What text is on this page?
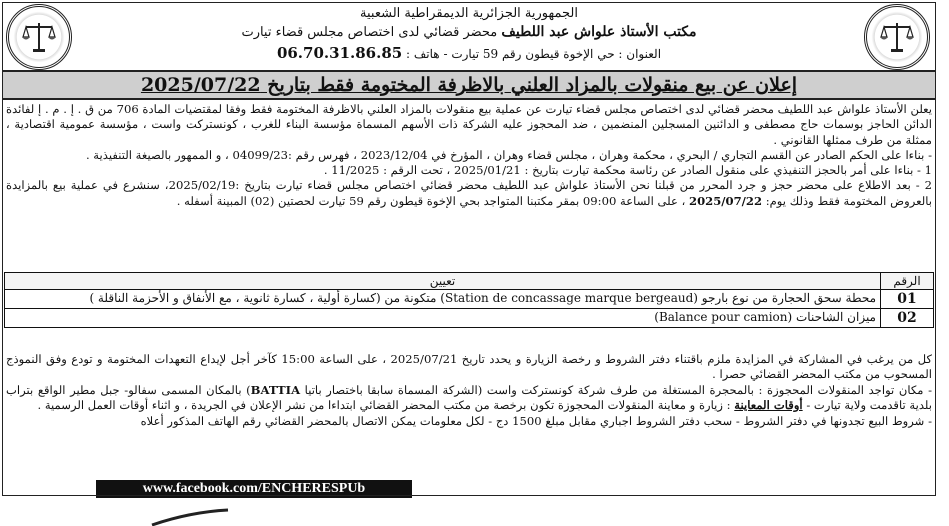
الجمهورية الجزائرية الديمقراطية الشعبية
مكتب الأستاذ علواش عبد اللطيف محضر قضائي لدى اختصاص مجلس قضاء تيارت
العنوان : حي الإخوة قيطون رقم 59 تيارت - هاتف : 06.70.31.86.85
إعلان عن بيع منقولات بالمزاد العلني بالاظرفة المختومة فقط بتاريخ 2025/07/22

يعلن الأستاذ علواش عبد اللطيف محضر قضائي لدى اختصاص مجلس قضاء تيارت عن عملية بيع منقولات بالمزاد العلني بالاظرفة المختومة فقط وفقا لمقتضيات المادة 706 من ق . إ . م . إ لفائدة الدائن الحاجز بوسمات حاج مصطفى و الدائنين المسجلين المنضمين ، ضد المحجوز عليه الشركة ذات الأسهم المسماة مؤسسة البناء للغرب ، كونسترکت واست ، مؤسسة عمومية اقتصادية ، ممثلة من طرف ممثلها القانوني .

- بناءا على الحكم الصادر عن القسم التجاري / البحري ، محكمة وهران ، مجلس قضاء وهران ، المؤرخ في 2023/12/04 ، فهرس رقم :04099/23 ، و الممهور بالصيغة التنفيذية .

1 - بناءا على أمر بالحجز التنفيذي على منقول الصادر عن رئاسة محكمة تيارت بتاريخ : 2025/01/21 ، تحت الرقم : 11/2025 .

2 - بعد الاطلاع على محضر حجز و جرد المحرر من قبلنا نحن الأستاذ علواش عبد اللطيف محضر قضائي اختصاص مجلس قضاء تيارت بتاريخ :2025/02/19، سنشرع في عملية بيع بالمزايدة بالعروض المختومة فقط وذلك يوم: 2025/07/22 ، على الساعة 09:00 بمقر مكتبنا المتواجد بحي الإخوة قيطون رقم 59 تيارت لحصتين (02) المبينة أسفله .

الرقم	تعيين
01	محطة سحق الحجارة من نوع بارجو (Station de concassage marque bergeaud) متكونة من (كسارة أولية ، كسارة ثانوية ، مع الأنفاق و الأحزمة الناقلة )
02	ميزان الشاحنات (Balance pour camion)

كل من يرغب في المشاركة في المزايدة ملزم باقتناء دفتر الشروط و رخصة الزيارة و يحدد تاريخ 2025/07/21 ، على الساعة 15:00 كآخر أجل لإيداع التعهدات المختومة و تودع وفق النموذج المسحوب من مكتب المحضر القضائي حصرا .

- مكان تواجد المنقولات المحجوزة : بالمحجرة المستغلة من طرف شركة كونسترکت واست (الشركة المسماة سابقا باختصار باتيا BATTIA) بالمكان المسمى سفالو- جبل مطير الواقع بتراب بلدية تاقدمت ولاية تيارت - أوقات المعاينة : زيارة و معاينة المنقولات المحجوزة تكون برخصة من مكتب المحضر القضائي ابتداءا من نشر الإعلان في الجريدة ، و اثناء أوقات العمل الرسمية .

- شروط البيع تجدونها في دفتر الشروط - سحب دفتر الشروط اجباري مقابل مبلغ 1500 دج - لكل معلومات يمكن الاتصال بالمحضر القضائي رقم الهاتف المذكور أعلاه

www.facebook.com/ENCHERESPUb
